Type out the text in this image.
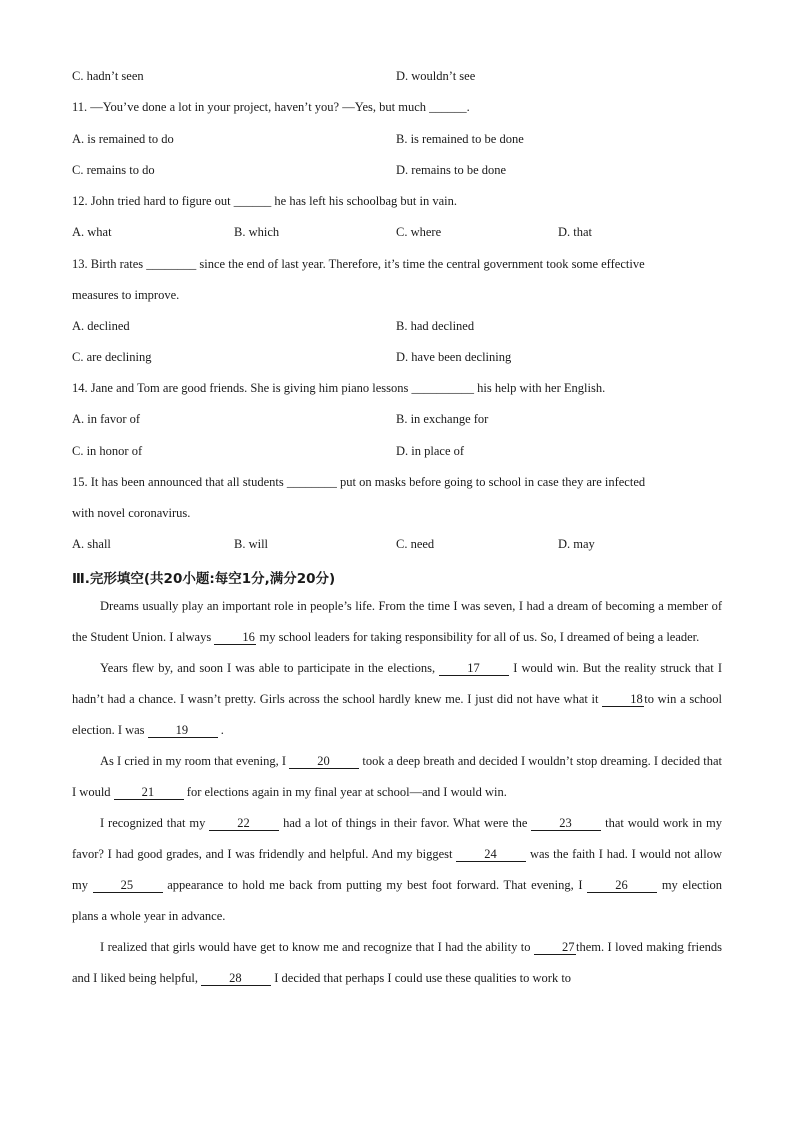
C. hadn’t seen	D. wouldn’t see
11. —You’ve done a lot in your project, haven’t you? —Yes, but much ______.
A. is remained to do	B. is remained to be done
C. remains to do	D. remains to be done
12. John tried hard to figure out ______ he has left his schoolbag but in vain.
A. what	B. which	C. where	D. that
13. Birth rates ________ since the end of last year. Therefore, it’s time the central government took some effective
measures to improve.
A. declined	B. had declined
C. are declining	D. have been declining
14. Jane and Tom are good friends. She is giving him piano lessons __________ his help with her English.
A. in favor of	B. in exchange for
C. in honor of	D. in place of
15. It has been announced that all students ________ put on masks before going to school in case they are infected
with novel coronavirus.
A. shall	B. will	C. need	D. may
Ⅲ.完形填空(共20小题:每空1分,满分20分)

Dreams usually play an important role in people’s life. From the time I was seven, I had a dream of becoming a member of the Student Union. I always 16 my school leaders for taking responsibility for all of us. So, I dreamed of being a leader.

Years flew by, and soon I was able to participate in the elections, 17 I would win. But the reality struck that I hadn’t had a chance. I wasn’t pretty. Girls across the school hardly knew me. I just did not have what it 18 to win a school election. I was 19 .

As I cried in my room that evening, I 20 took a deep breath and decided I wouldn’t stop dreaming. I decided that I would 21 for elections again in my final year at school—and I would win.

I recognized that my 22 had a lot of things in their favor. What were the 23 that would work in my favor? I had good grades, and I was fridendly and helpful. And my biggest 24 was the faith I had. I would not allow my 25 appearance to hold me back from putting my best foot forward. That evening, I 26 my election plans a whole year in advance.

I realized that girls would have get to know me and recognize that I had the ability to 27 them. I loved making friends and I liked being helpful, 28 I decided that perhaps I could use these qualities to work to
